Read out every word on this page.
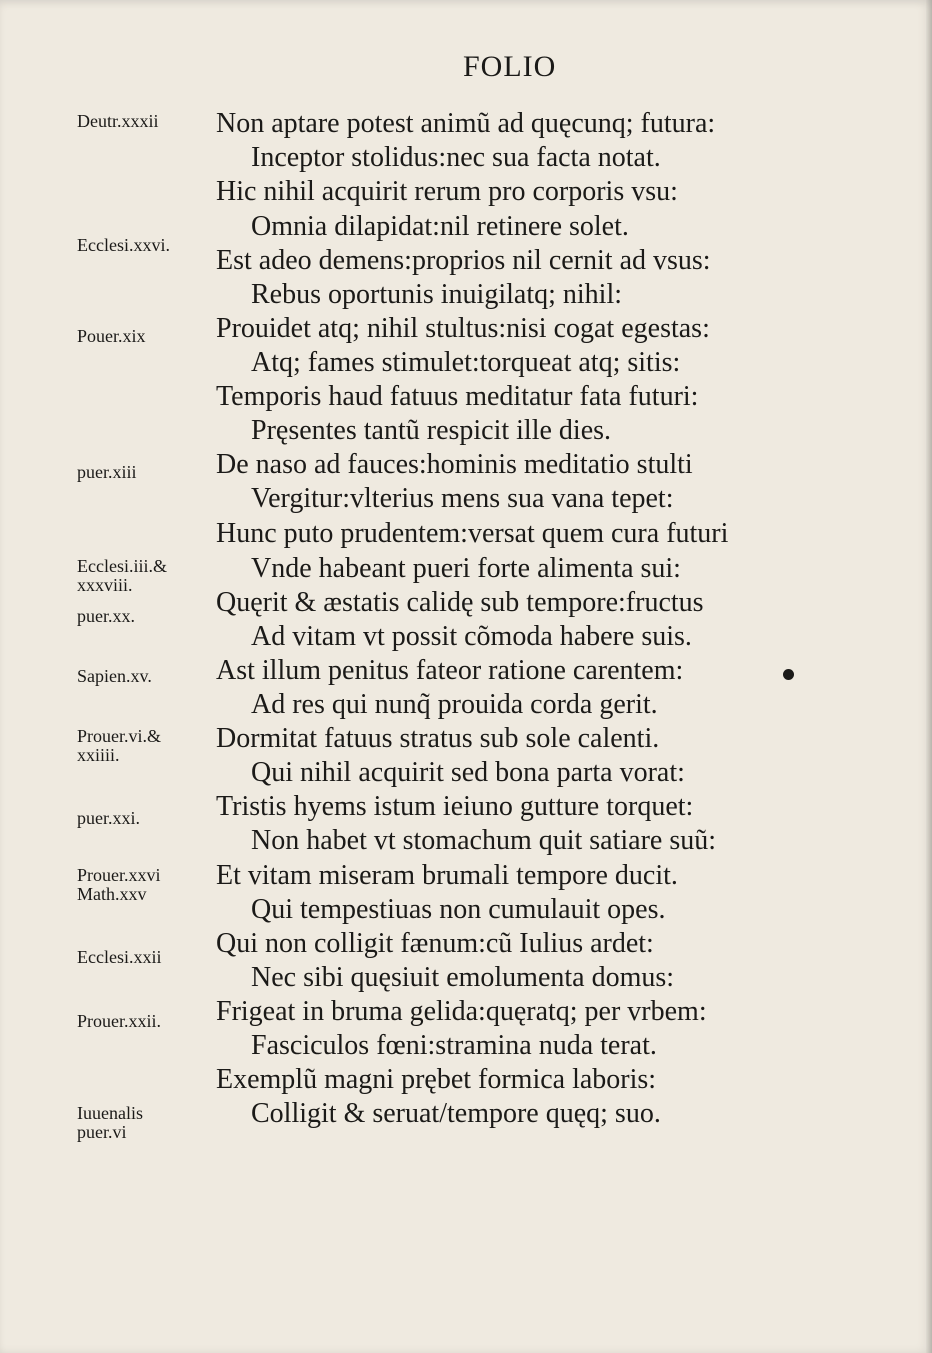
FOLIO
Deutr.xxxii
Ecclesi.xxvi.
Pouer.xix
puer.xiii
Ecclesi.iii.&
xxxviii.
puer.xx.
Sapien.xv.
Prouer.vi.&
xxiiii.
puer.xxi.
Prouer.xxvi
Math.xxv
Ecclesi.xxii
Prouer.xxii.
Iuuenalis
puer.vi
Non aptare potest animũ ad quęcunq; futura:
Inceptor stolidus:nec sua facta notat.
Hic nihil acquirit rerum pro corporis vsu:
Omnia dilapidat:nil retinere solet.
Est adeo demens:proprios nil cernit ad vsus:
Rebus oportunis inuigilatq; nihil:
Prouidet atq; nihil stultus:nisi cogat egestas:
Atq; fames stimulet:torqueat atq; sitis:
Temporis haud fatuus meditatur fata futuri:
Pręsentes tantũ respicit ille dies.
De naso ad fauces:hominis meditatio stulti
Vergitur:vlterius mens sua vana tepet:
Hunc puto prudentem:versat quem cura futuri
Vnde habeant pueri forte alimenta sui:
Quęrit & æstatis calidę sub tempore:fructus
Ad vitam vt possit cõmoda habere suis.
Ast illum penitus fateor ratione carentem:
Ad res qui nunq̃ prouida corda gerit.
Dormitat fatuus stratus sub sole calenti.
Qui nihil acquirit sed bona parta vorat:
Tristis hyems istum ieiuno gutture torquet:
Non habet vt stomachum quit satiare suũ:
Et vitam miseram brumali tempore ducit.
Qui tempestiuas non cumulauit opes.
Qui non colligit fænum:cũ Iulius ardet:
Nec sibi quęsiuit emolumenta domus:
Frigeat in bruma gelida:quęratq; per vrbem:
Fasciculos fœni:stramina nuda terat.
Exemplũ magni prębet formica laboris:
Colligit & seruat/tempore quęq; suo.
